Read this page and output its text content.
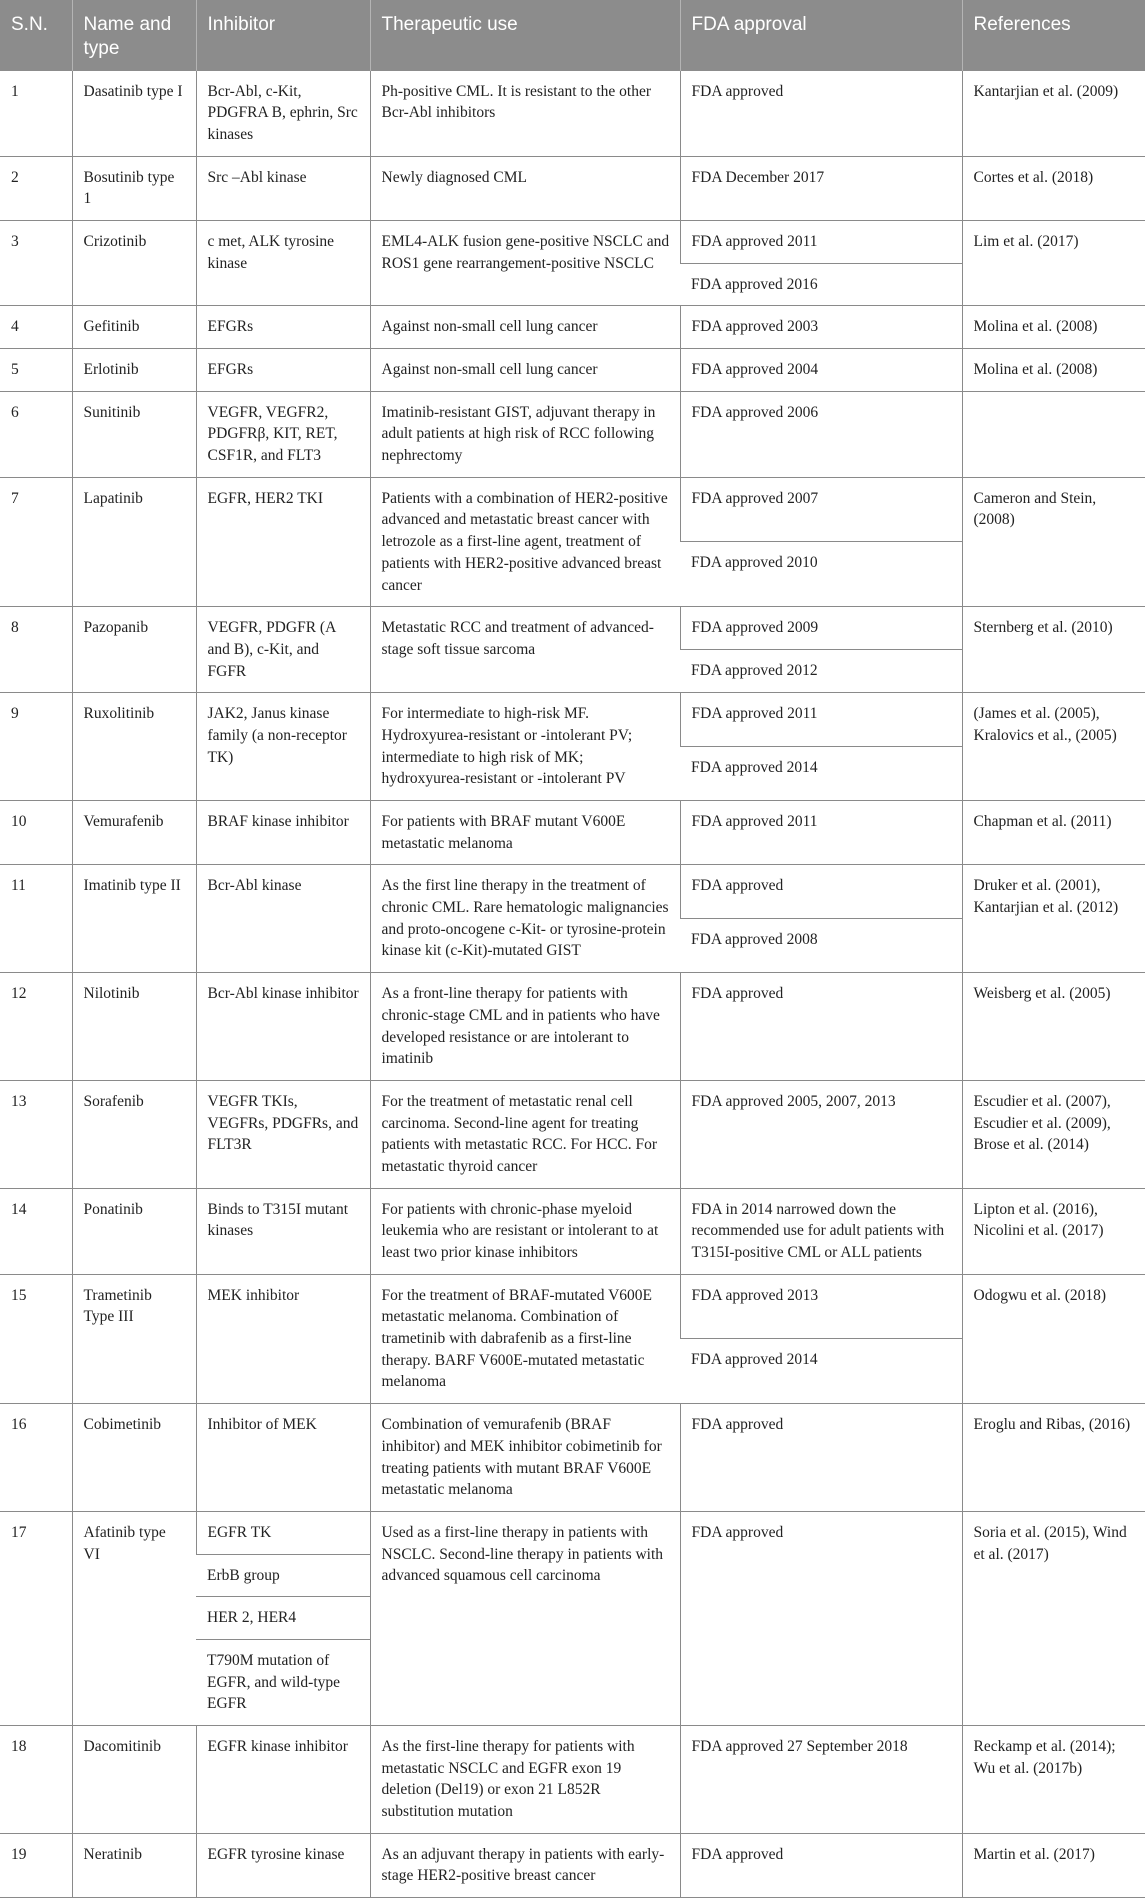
S.N.	Name and type	Inhibitor	Therapeutic use	FDA approval	References
1	Dasatinib type I	Bcr-Abl, c-Kit, PDGFRA B, ephrin, Src kinases	Ph-positive CML. It is resistant to the other Bcr-Abl inhibitors	FDA approved	Kantarjian et al. (2009)
2	Bosutinib type 1	Src –Abl kinase	Newly diagnosed CML	FDA December 2017	Cortes et al. (2018)
3	Crizotinib	c met, ALK tyrosine kinase	EML4-ALK fusion gene-positive NSCLC and ROS1 gene rearrangement-positive NSCLC	FDA approved 2011	Lim et al. (2017)
				FDA approved 2016	
4	Gefitinib	EFGRs	Against non-small cell lung cancer	FDA approved 2003	Molina et al. (2008)
5	Erlotinib	EFGRs	Against non-small cell lung cancer	FDA approved 2004	Molina et al. (2008)
6	Sunitinib	VEGFR, VEGFR2, PDGFRβ, KIT, RET, CSF1R, and FLT3	Imatinib-resistant GIST, adjuvant therapy in adult patients at high risk of RCC following nephrectomy	FDA approved 2006	
7	Lapatinib	EGFR, HER2 TKI	Patients with a combination of HER2-positive advanced and metastatic breast cancer with letrozole as a first-line agent, treatment of patients with HER2-positive advanced breast cancer	FDA approved 2007	Cameron and Stein, (2008)
				FDA approved 2010	
8	Pazopanib	VEGFR, PDGFR (A and B), c-Kit, and FGFR	Metastatic RCC and treatment of advanced-stage soft tissue sarcoma	FDA approved 2009	Sternberg et al. (2010)
				FDA approved 2012	
9	Ruxolitinib	JAK2, Janus kinase family (a non-receptor TK)	For intermediate to high-risk MF. Hydroxyurea-resistant or -intolerant PV; intermediate to high risk of MK; hydroxyurea-resistant or -intolerant PV	FDA approved 2011	(James et al. (2005), Kralovics et al., (2005)
				FDA approved 2014	
10	Vemurafenib	BRAF kinase inhibitor	For patients with BRAF mutant V600E metastatic melanoma	FDA approved 2011	Chapman et al. (2011)
11	Imatinib type II	Bcr-Abl kinase	As the first line therapy in the treatment of chronic CML. Rare hematologic malignancies and proto-oncogene c-Kit- or tyrosine-protein kinase kit (c-Kit)-mutated GIST	FDA approved	Druker et al. (2001), Kantarjian et al. (2012)
				FDA approved 2008	
12	Nilotinib	Bcr-Abl kinase inhibitor	As a front-line therapy for patients with chronic-stage CML and in patients who have developed resistance or are intolerant to imatinib	FDA approved	Weisberg et al. (2005)
13	Sorafenib	VEGFR TKIs, VEGFRs, PDGFRs, and FLT3R	For the treatment of metastatic renal cell carcinoma. Second-line agent for treating patients with metastatic RCC. For HCC. For metastatic thyroid cancer	FDA approved 2005, 2007, 2013	Escudier et al. (2007), Escudier et al. (2009), Brose et al. (2014)
14	Ponatinib	Binds to T315I mutant kinases	For patients with chronic-phase myeloid leukemia who are resistant or intolerant to at least two prior kinase inhibitors	FDA in 2014 narrowed down the recommended use for adult patients with T315I-positive CML or ALL patients	Lipton et al. (2016), Nicolini et al. (2017)
15	Trametinib Type III	MEK inhibitor	For the treatment of BRAF-mutated V600E metastatic melanoma. Combination of trametinib with dabrafenib as a first-line therapy. BARF V600E-mutated metastatic melanoma	FDA approved 2013	Odogwu et al. (2018)
				FDA approved 2014	
16	Cobimetinib	Inhibitor of MEK	Combination of vemurafenib (BRAF inhibitor) and MEK inhibitor cobimetinib for treating patients with mutant BRAF V600E metastatic melanoma	FDA approved	Eroglu and Ribas, (2016)
17	Afatinib type VI	EGFR TK	Used as a first-line therapy in patients with NSCLC. Second-line therapy in patients with advanced squamous cell carcinoma	FDA approved	Soria et al. (2015), Wind et al. (2017)
		ErbB group			
		HER 2, HER4			
		T790M mutation of EGFR, and wild-type EGFR			
18	Dacomitinib	EGFR kinase inhibitor	As the first-line therapy for patients with metastatic NSCLC and EGFR exon 19 deletion (Del19) or exon 21 L852R substitution mutation	FDA approved 27 September 2018	Reckamp et al. (2014); Wu et al. (2017b)
19	Neratinib	EGFR tyrosine kinase	As an adjuvant therapy in patients with early-stage HER2-positive breast cancer	FDA approved	Martin et al. (2017)
